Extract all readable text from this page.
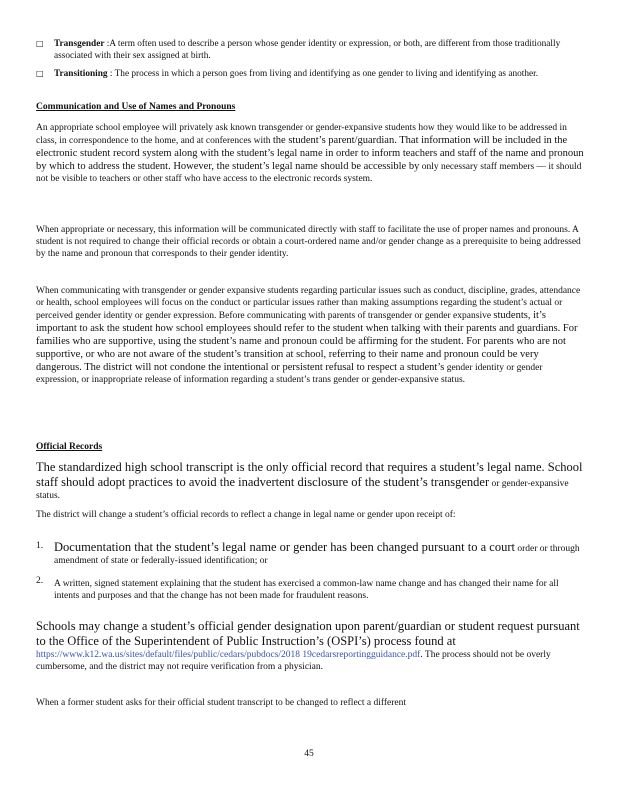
□ Transgender :A term often used to describe a person whose gender identity or expression, or both, are different from those traditionally associated with their sex assigned at birth.
□ Transitioning : The process in which a person goes from living and identifying as one gender to living and identifying as another.
Communication and Use of Names and Pronouns
An appropriate school employee will privately ask known transgender or gender-expansive students how they would like to be addressed in class, in correspondence to the home, and at conferences with the student’s parent/guardian. That information will be included in the electronic student record system along with the student’s legal name in order to inform teachers and staff of the name and pronoun by which to address the student. However, the student’s legal name should be accessible by only necessary staff members — it should not be visible to teachers or other staff who have access to the electronic records system.
When appropriate or necessary, this information will be communicated directly with staff to facilitate the use of proper names and pronouns. A student is not required to change their official records or obtain a court-ordered name and/or gender change as a prerequisite to being addressed by the name and pronoun that corresponds to their gender identity.
When communicating with transgender or gender expansive students regarding particular issues such as conduct, discipline, grades, attendance or health, school employees will focus on the conduct or particular issues rather than making assumptions regarding the student’s actual or perceived gender identity or gender expression. Before communicating with parents of transgender or gender expansive students, it’s important to ask the student how school employees should refer to the student when talking with their parents and guardians. For families who are supportive, using the student’s name and pronoun could be affirming for the student. For parents who are not supportive, or who are not aware of the student’s transition at school, referring to their name and pronoun could be very dangerous. The district will not condone the intentional or persistent refusal to respect a student’s gender identity or gender expression, or inappropriate release of information regarding a student’s trans gender or gender-expansive status.
Official Records
The standardized high school transcript is the only official record that requires a student’s legal name. School staff should adopt practices to avoid the inadvertent disclosure of the student’s transgender or gender-expansive status.
The district will change a student’s official records to reflect a change in legal name or gender upon receipt of:
1. Documentation that the student’s legal name or gender has been changed pursuant to a court order or through amendment of state or federally-issued identification; or
2. A written, signed statement explaining that the student has exercised a common-law name change and has changed their name for all intents and purposes and that the change has not been made for fraudulent reasons.
Schools may change a student’s official gender designation upon parent/guardian or student request pursuant to the Office of the Superintendent of Public Instruction’s (OSPI’s) process found at https://www.k12.wa.us/sites/default/files/public/cedars/pubdocs/2018 19cedarsreportingguidance.pdf. The process should not be overly cumbersome, and the district may not require verification from a physician.
When a former student asks for their official student transcript to be changed to reflect a different
45
